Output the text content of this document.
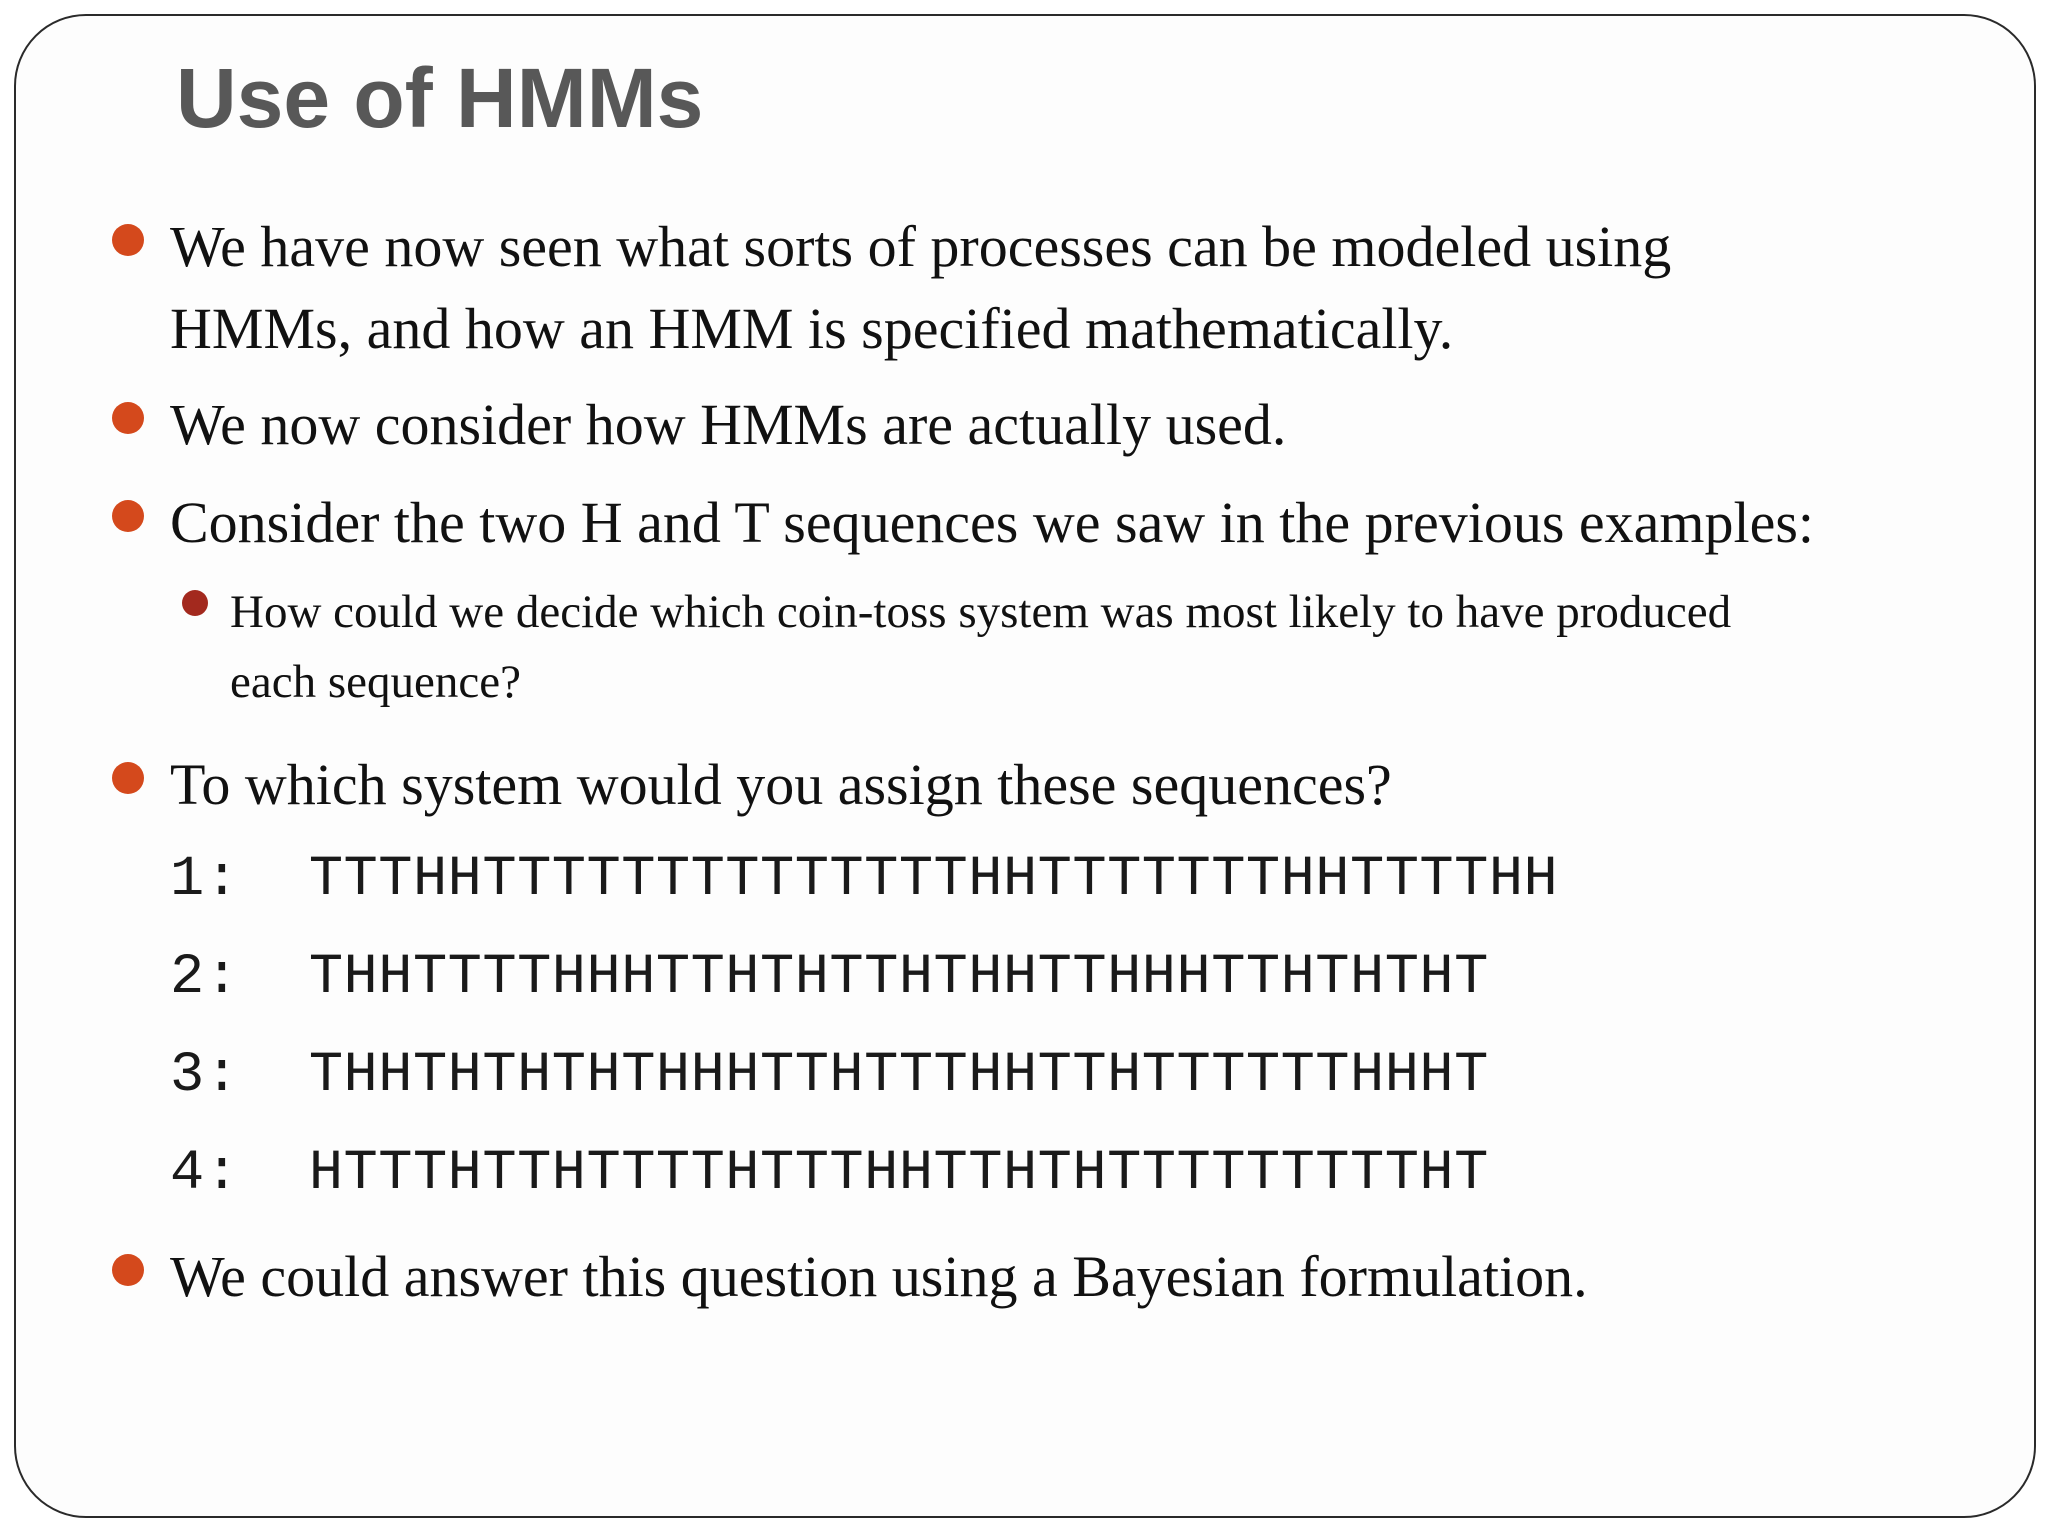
Use of HMMs
We have now seen what sorts of processes can be modeled using
HMMs, and how an HMM is specified mathematically.
We now consider how HMMs are actually used.
Consider the two H and T sequences we saw in the previous examples:
How could we decide which coin-toss system was most likely to have produced
each sequence?
To which system would you assign these sequences?
1: TTTHHTTTTTTTTTTTTTTHHTTTTTTTHHTTTTHH
2: THHTTTTHHHTTHTHTTHTHHTTHHHTTHTHTHT
3: THHTHTHTHTHHHTTHTTTHHTTHTTTTTTHHHT
4: HTTTHTTHTTTTHTTTHHTTHTHTTTTTTTTTHT
We could answer this question using a Bayesian formulation.
